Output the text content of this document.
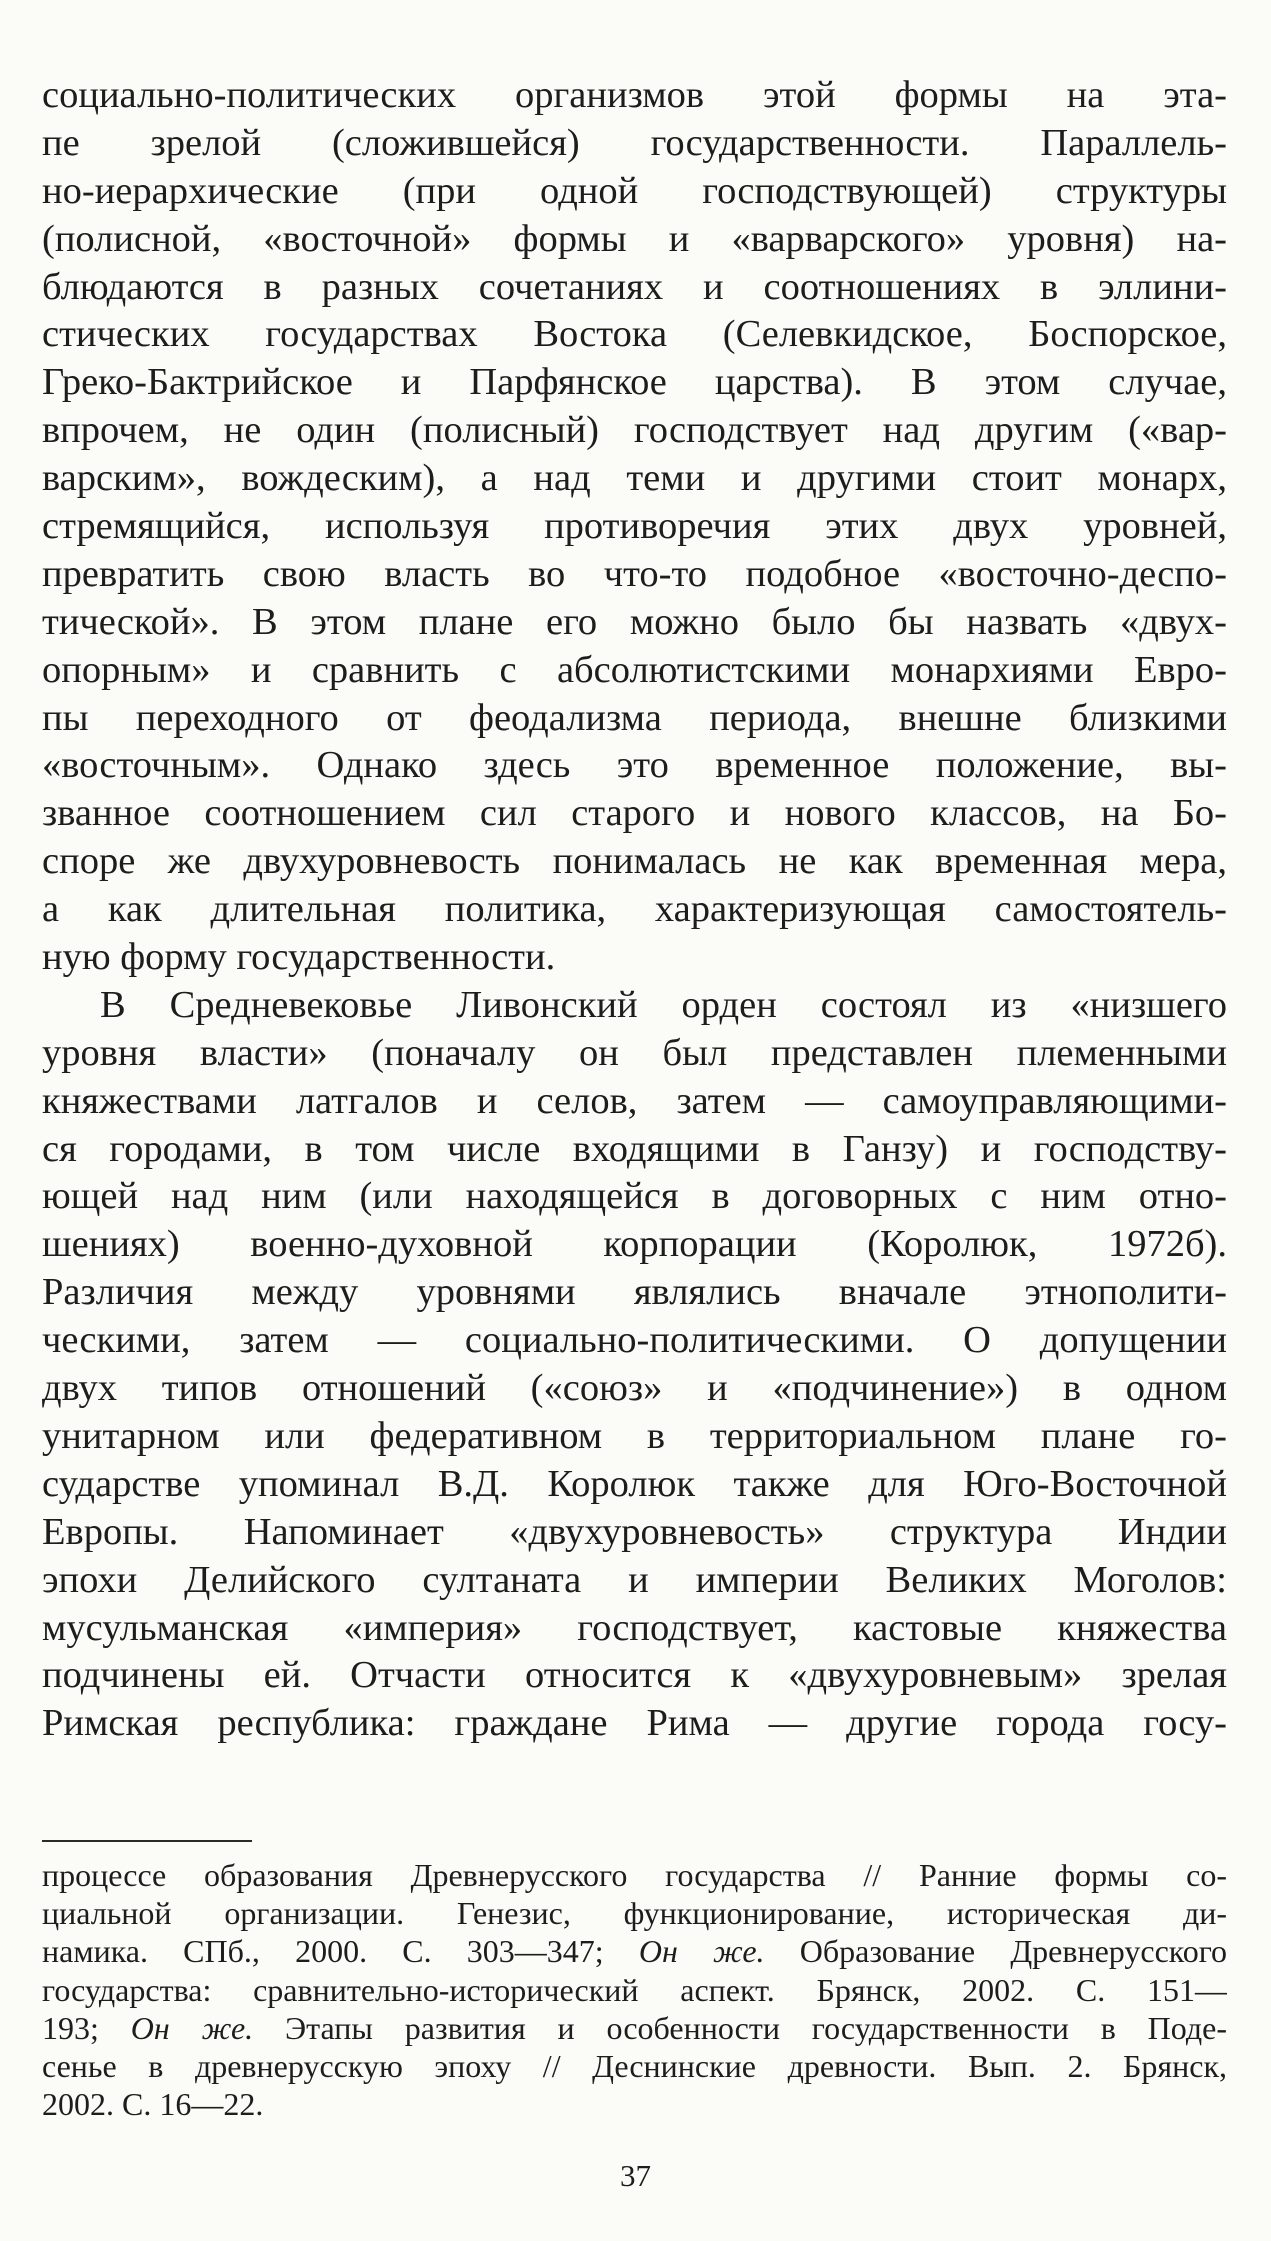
социально-политических организмов этой формы на эта-
пе зрелой (сложившейся) государственности. Параллель-
но-иерархические (при одной господствующей) структуры
(полисной, «восточной» формы и «варварского» уровня) на-
блюдаются в разных сочетаниях и соотношениях в эллини-
стических государствах Востока (Селевкидское, Боспорское,
Греко-Бактрийское и Парфянское царства). В этом случае,
впрочем, не один (полисный) господствует над другим («вар-
варским», вождеским), а над теми и другими стоит монарх,
стремящийся, используя противоречия этих двух уровней,
превратить свою власть во что-то подобное «восточно-деспо-
тической». В этом плане его можно было бы назвать «двух-
опорным» и сравнить с абсолютистскими монархиями Евро-
пы переходного от феодализма периода, внешне близкими
«восточным». Однако здесь это временное положение, вы-
званное соотношением сил старого и нового классов, на Бо-
споре же двухуровневость понималась не как временная мера,
а как длительная политика, характеризующая самостоятель-
ную форму государственности.
В Средневековье Ливонский орден состоял из «низшего
уровня власти» (поначалу он был представлен племенными
княжествами латгалов и селов, затем — самоуправляющими-
ся городами, в том числе входящими в Ганзу) и господству-
ющей над ним (или находящейся в договорных с ним отно-
шениях) военно-духовной корпорации (Королюк, 1972б).
Различия между уровнями являлись вначале этнополити-
ческими, затем — социально-политическими. О допущении
двух типов отношений («союз» и «подчинение») в одном
унитарном или федеративном в территориальном плане го-
сударстве упоминал В.Д. Королюк также для Юго-Восточной
Европы. Напоминает «двухуровневость» структура Индии
эпохи Делийского султаната и империи Великих Моголов:
мусульманская «империя» господствует, кастовые княжества
подчинены ей. Отчасти относится к «двухуровневым» зрелая
Римская республика: граждане Рима — другие города госу-
процессе образования Древнерусского государства // Ранние формы со-
циальной организации. Генезис, функционирование, историческая ди-
намика. СПб., 2000. С. 303—347; Он же. Образование Древнерусского
государства: сравнительно-исторический аспект. Брянск, 2002. С. 151—
193; Он же. Этапы развития и особенности государственности в Поде-
сенье в древнерусскую эпоху // Деснинские древности. Вып. 2. Брянск,
2002. С. 16—22.
37
